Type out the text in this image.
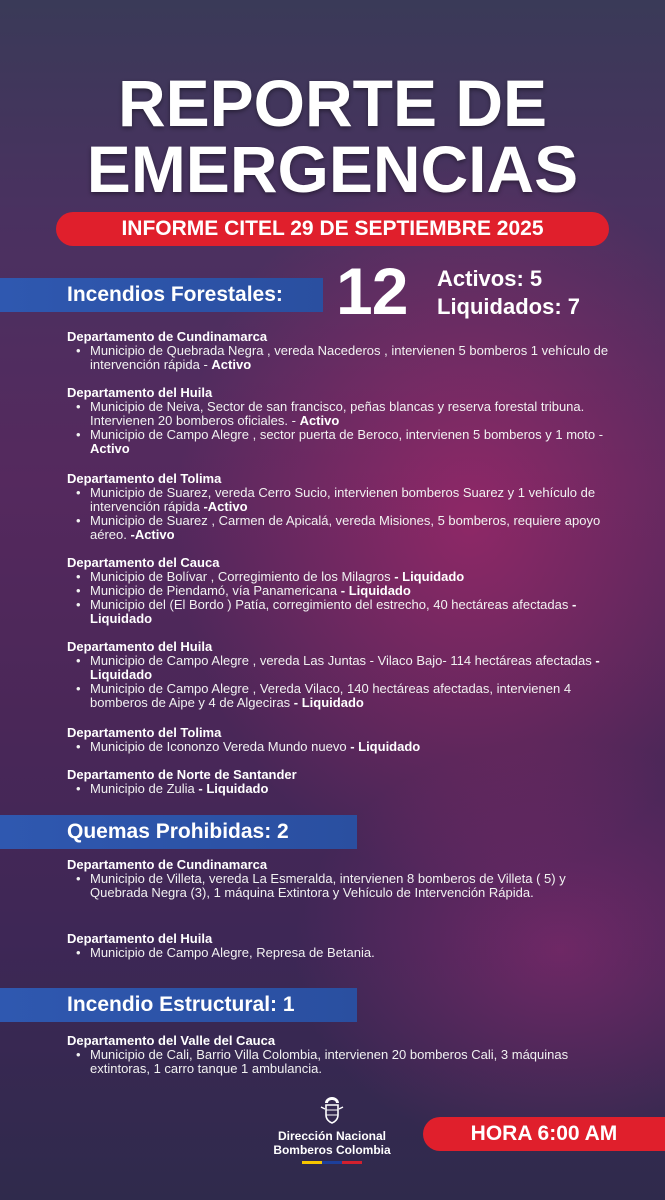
REPORTE DE
EMERGENCIAS
INFORME CITEL 29 DE SEPTIEMBRE 2025
Incendios Forestales: 12 Activos: 5
Liquidados: 7
Departamento de Cundinamarca
• Municipio de Quebrada Negra , vereda Nacederos , intervienen 5 bomberos 1 vehículo de intervención rápida - Activo
Departamento del Huila
• Municipio de Neiva, Sector de san francisco, peñas blancas y reserva forestal tribuna. Intervienen 20 bomberos oficiales. - Activo
• Municipio de Campo Alegre , sector puerta de Beroco, intervienen 5 bomberos y 1 moto - Activo
Departamento del Tolima
• Municipio de Suarez, vereda Cerro Sucio, intervienen bomberos Suarez y 1 vehículo de intervención rápida -Activo
• Municipio de Suarez , Carmen de Apicalá, vereda Misiones, 5 bomberos, requiere apoyo aéreo. -Activo
Departamento del Cauca
• Municipio de Bolívar , Corregimiento de los Milagros - Liquidado
• Municipio de Piendamó, vía Panamericana - Liquidado
• Municipio del (El Bordo ) Patía, corregimiento del estrecho, 40 hectáreas afectadas - Liquidado
Departamento del Huila
• Municipio de Campo Alegre , vereda Las Juntas - Vilaco Bajo- 114 hectáreas afectadas - Liquidado
• Municipio de Campo Alegre , Vereda Vilaco, 140 hectáreas afectadas, intervienen 4 bomberos de Aipe y 4 de Algeciras - Liquidado
Departamento del Tolima
• Municipio de Icononzo Vereda Mundo nuevo - Liquidado
Departamento de Norte de Santander
• Municipio de Zulia - Liquidado
Quemas Prohibidas: 2
Departamento de Cundinamarca
• Municipio de Villeta, vereda La Esmeralda, intervienen 8 bomberos de Villeta ( 5) y Quebrada Negra (3), 1 máquina Extintora y Vehículo de Intervención Rápida.
Departamento del Huila
• Municipio de Campo Alegre, Represa de Betania.
Incendio Estructural: 1
Departamento del Valle del Cauca
• Municipio de Cali, Barrio Villa Colombia, intervienen 20 bomberos Cali, 3 máquinas extintoras, 1 carro tanque 1 ambulancia.
Dirección Nacional
Bomberos Colombia
HORA 6:00 AM
